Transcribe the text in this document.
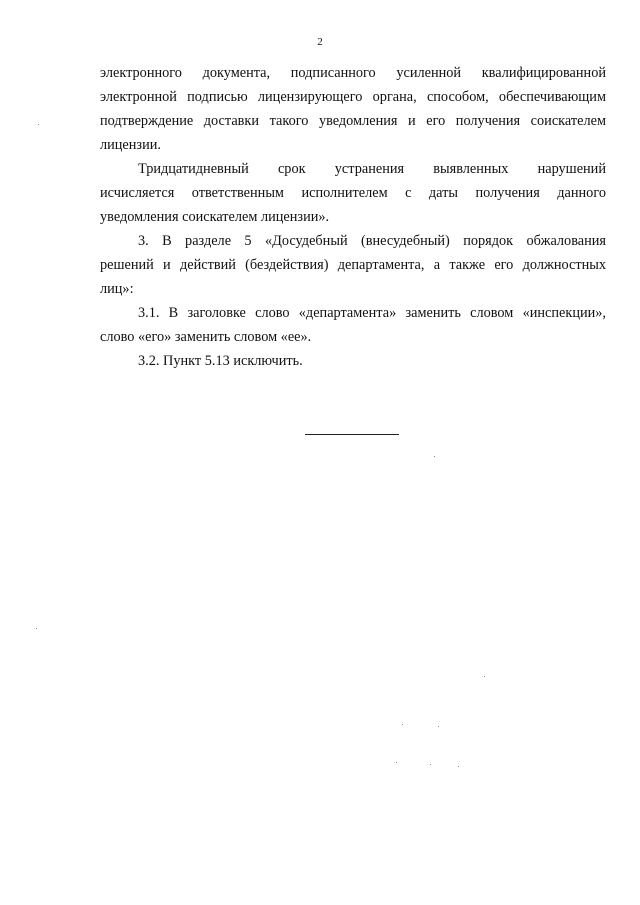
2
электронного документа, подписанного усиленной квалифицированной
электронной подписью лицензирующего органа, способом, обеспечивающим
подтверждение доставки такого уведомления и его получения соискателем
лицензии.
Тридцатидневный срок устранения выявленных нарушений
исчисляется ответственным исполнителем с даты получения данного
уведомления соискателем лицензии».
3. В разделе 5 «Досудебный (внесудебный) порядок обжалования
решений и действий (бездействия) департамента, а также его должностных
лиц»:
3.1. В заголовке слово «департамента» заменить словом «инспекции»,
слово «его» заменить словом «ее».
3.2. Пункт 5.13 исключить.
